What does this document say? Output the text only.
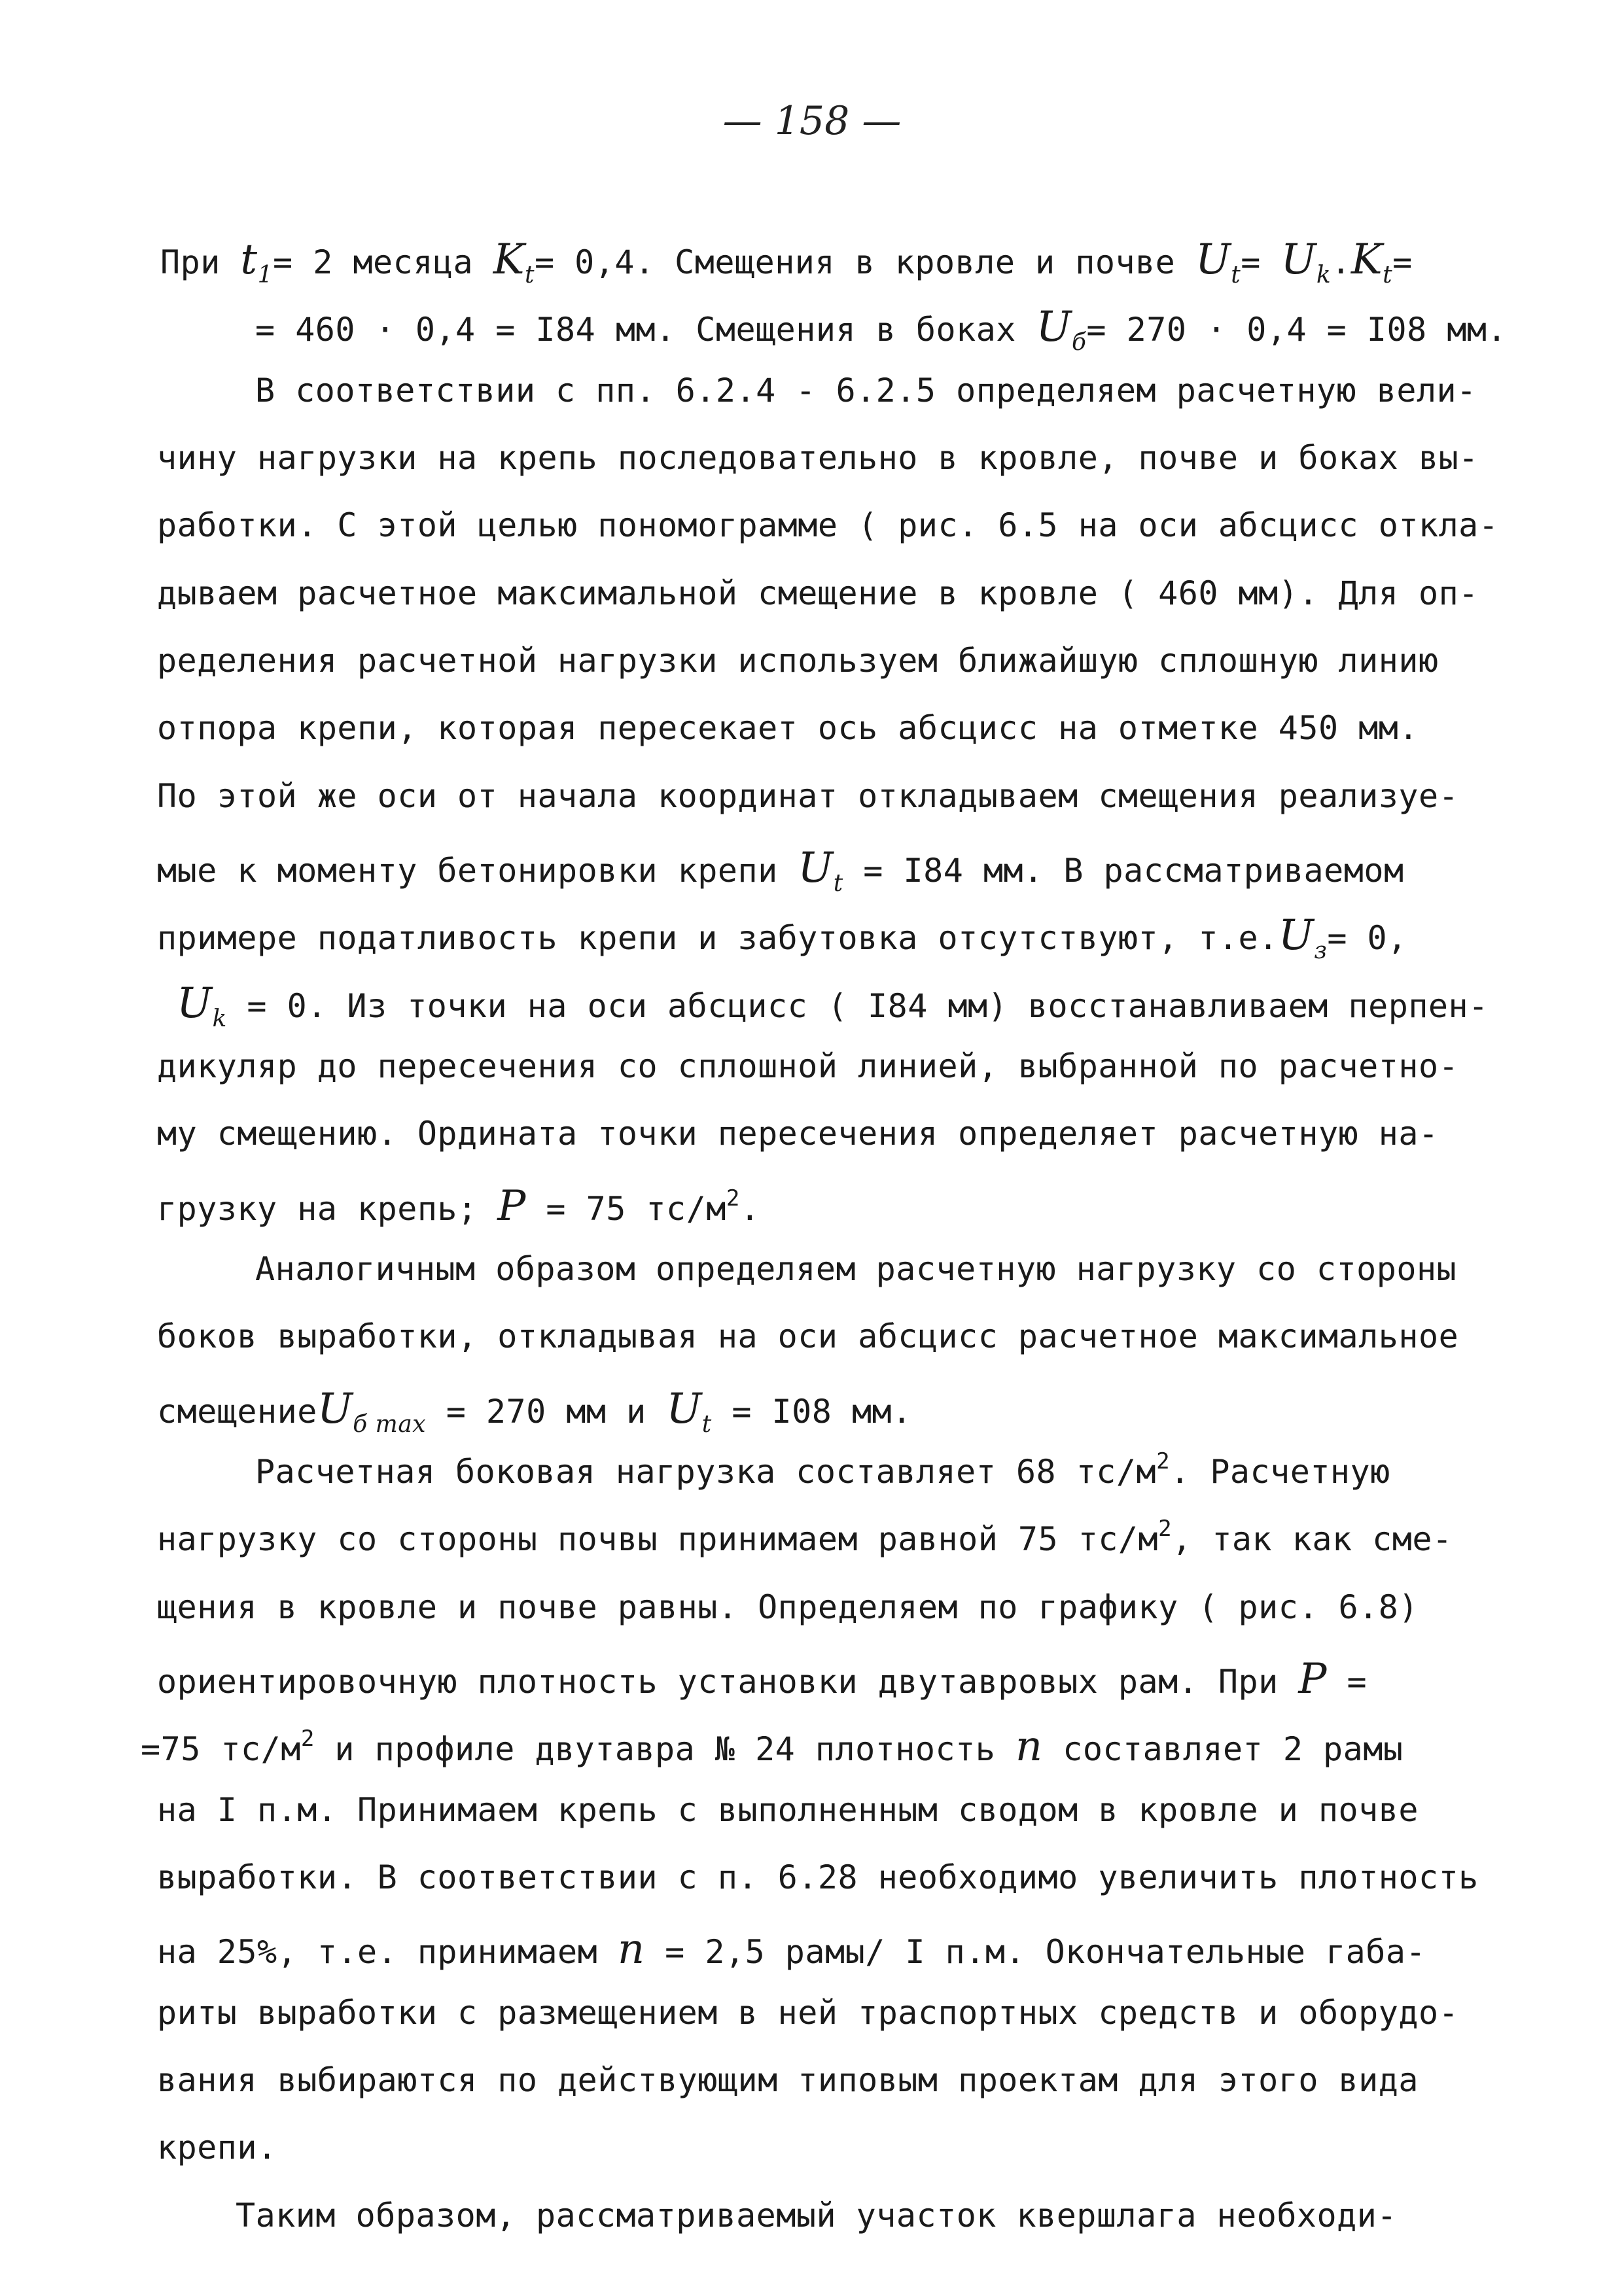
— 158 —
При $t_1= 2$ месяца $K_t= 0,4$. Смещения в кровле и почве $U_t= U_k.K_t=$
= 460 · 0,4 = I84 мм. Смещения в боках $U_б= 270 \cdot 0,4 = I08$ мм.
В соответствии с пп. 6.2.4 - 6.2.5 определяем расчетную вели-
чину нагрузки на крепь последовательно в кровле, почве и боках вы-
работки. С этой целью пономограмме ( рис. 6.5 на оси абсцисс откла-
дываем расчетное максимальной смещение в кровле ( 460 мм). Для оп-
ределения расчетной нагрузки используем ближайшую сплошную линию
отпора крепи, которая пересекает ось абсцисс на отметке 450 мм.
По этой же оси от начала координат откладываем смещения реализуе-
мые к моменту бетонировки крепи $U_t = I84$ мм. В рассматриваемом
примере податливость крепи и забутовка отсутствуют, $т.е.U_з= 0$,
$U_k = 0$. Из точки на оси абсцисс ( I84 мм) восстанавливаем перпен-
дикуляр до пересечения со сплошной линией, выбранной по расчетно-
му смещению. Ордината точки пересечения определяет расчетную на-
грузку на крепь; P = 75 $тс/м^2$.
Аналогичным образом определяем расчетную нагрузку со стороны
боков выработки, откладывая на оси абсцисс расчетное максимальное
смещениеU$_{б max}$ = 270 мм и $U_t = I08$ мм.
Расчетная боковая нагрузка составляет 68 $тс/м^2$. Расчетную
нагрузку со стороны почвы принимаем равной 75 $тс/м^2$, так как сме-
щения в кровле и почве равны. Определяем по графику ( рис. 6.8)
ориентировочную плотность установки двутавровых рам. При P =
=75 $тс/м^2$ и профиле двутавра № 24 плотность n составляет 2 рамы
на I п.м. Принимаем крепь с выполненным сводом в кровле и почве
выработки. В соответствии с п. 6.28 необходимо увеличить плотность
на 25%, т.е. принимаем n = 2,5 рамы/ I п.м. Окончательные габа-
риты выработки с размещением в ней траспортных средств и оборудо-
вания выбираются по действующим типовым проектам для этого вида
крепи.
Таким образом, рассматриваемый участок квершлага необходи-
